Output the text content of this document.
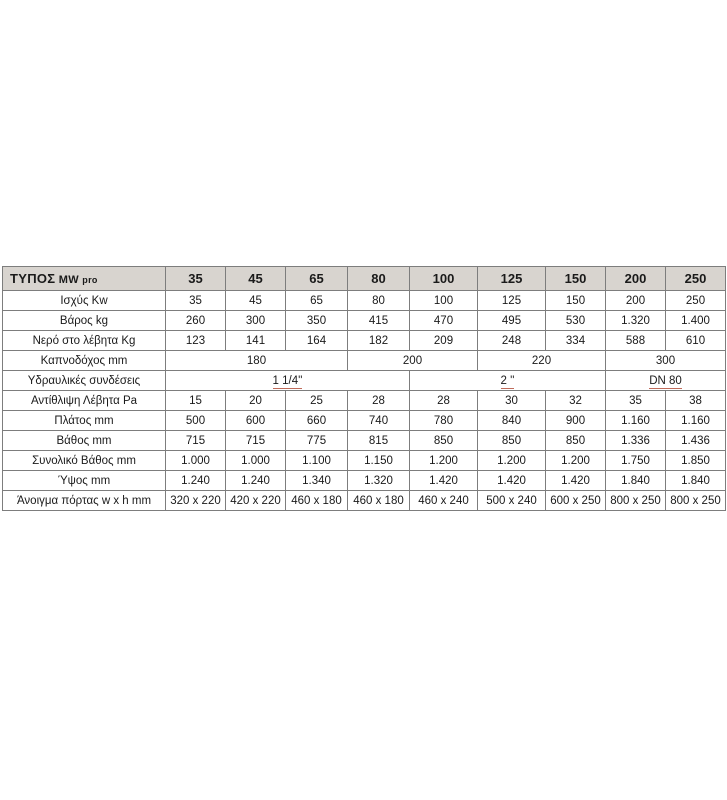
ΤΥΠΟΣ MW pro	35	45	65	80	100	125	150	200	250
Ισχύς Kw	35	45	65	80	100	125	150	200	250
Βάρος kg	260	300	350	415	470	495	530	1.320	1.400
Νερό στο λέβητα Kg	123	141	164	182	209	248	334	588	610
Καπνοδόχος mm	180			200		220		300	
Υδραυλικές συνδέσεις	1 1/4''				2 ''			DN 80	
Αντίθλιψη Λέβητα Ρa	15	20	25	28	28	30	32	35	38
Πλάτος mm	500	600	660	740	780	840	900	1.160	1.160
Βάθος mm	715	715	775	815	850	850	850	1.336	1.436
Συνολικό Βάθος mm	1.000	1.000	1.100	1.150	1.200	1.200	1.200	1.750	1.850
Ύψος mm	1.240	1.240	1.340	1.320	1.420	1.420	1.420	1.840	1.840
Άνοιγμα πόρτας w x h mm	320 x 220	420 x 220	460 x 180	460 x 180	460 x 240	500 x 240	600 x 250	800 x 250	800 x 250
